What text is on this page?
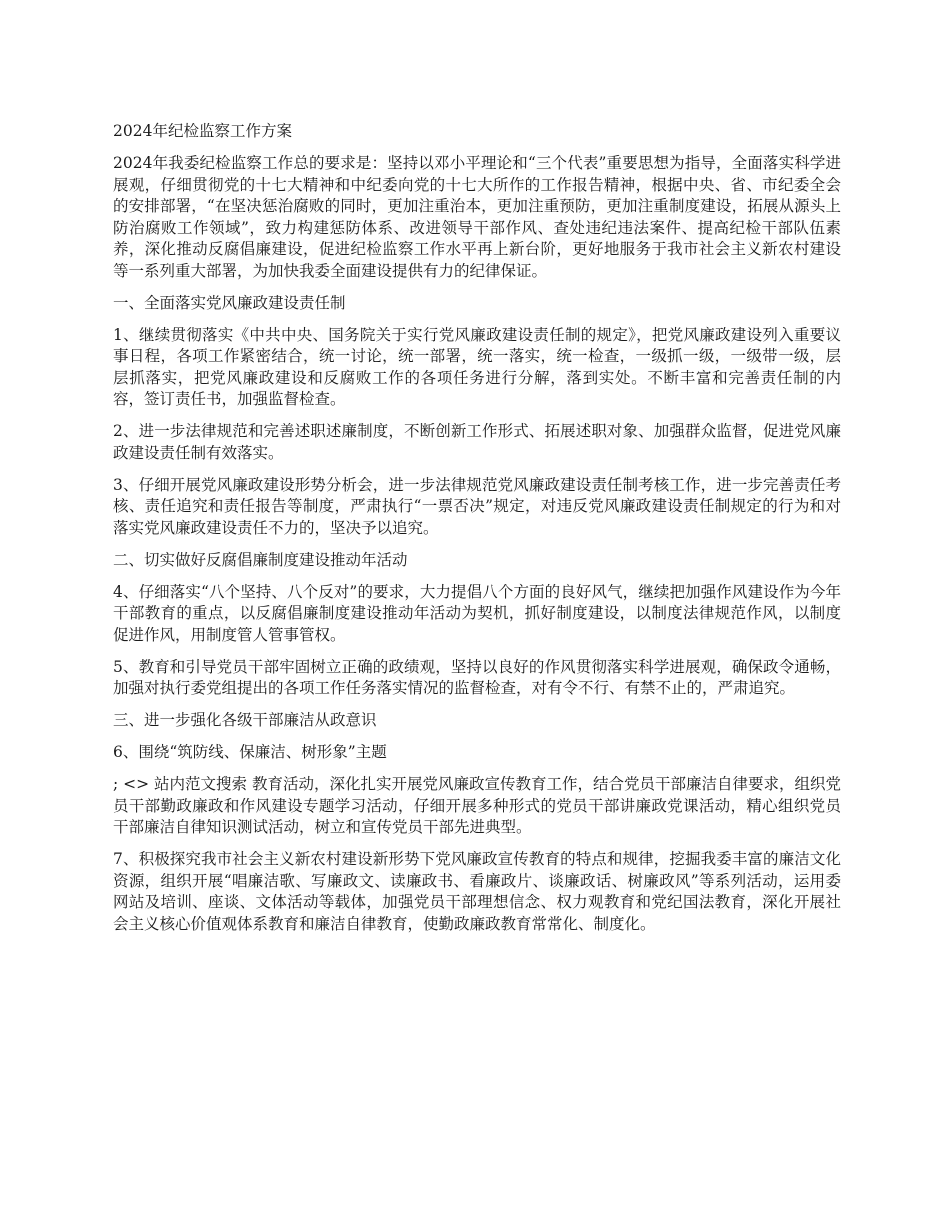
2024年纪检监察工作方案

2024年我委纪检监察工作总的要求是：坚持以邓小平理论和“三个代表”重要思想为指导，全面落实科学进展观，仔细贯彻党的十七大精神和中纪委向党的十七大所作的工作报告精神，根据中央、省、市纪委全会的安排部署，“在坚决惩治腐败的同时，更加注重治本，更加注重预防，更加注重制度建设，拓展从源头上防治腐败工作领域”，致力构建惩防体系、改进领导干部作风、查处违纪违法案件、提高纪检干部队伍素养，深化推动反腐倡廉建设，促进纪检监察工作水平再上新台阶，更好地服务于我市社会主义新农村建设等一系列重大部署，为加快我委全面建设提供有力的纪律保证。

一、全面落实党风廉政建设责任制

1、继续贯彻落实《中共中央、国务院关于实行党风廉政建设责任制的规定》，把党风廉政建设列入重要议事日程，各项工作紧密结合，统一讨论，统一部署，统一落实，统一检查，一级抓一级，一级带一级，层层抓落实，把党风廉政建设和反腐败工作的各项任务进行分解，落到实处。不断丰富和完善责任制的内容，签订责任书，加强监督检查。

2、进一步法律规范和完善述职述廉制度，不断创新工作形式、拓展述职对象、加强群众监督，促进党风廉政建设责任制有效落实。

3、仔细开展党风廉政建设形势分析会，进一步法律规范党风廉政建设责任制考核工作，进一步完善责任考核、责任追究和责任报告等制度，严肃执行“一票否决”规定，对违反党风廉政建设责任制规定的行为和对落实党风廉政建设责任不力的，坚决予以追究。

二、切实做好反腐倡廉制度建设推动年活动

4、仔细落实“八个坚持、八个反对”的要求，大力提倡八个方面的良好风气，继续把加强作风建设作为今年干部教育的重点，以反腐倡廉制度建设推动年活动为契机，抓好制度建设，以制度法律规范作风，以制度促进作风，用制度管人管事管权。

5、教育和引导党员干部牢固树立正确的政绩观，坚持以良好的作风贯彻落实科学进展观，确保政令通畅，加强对执行委党组提出的各项工作任务落实情况的监督检查，对有令不行、有禁不止的，严肃追究。

三、进一步强化各级干部廉洁从政意识

6、围绕“筑防线、保廉洁、树形象”主题

; <> 站内范文搜索 教育活动，深化扎实开展党风廉政宣传教育工作，结合党员干部廉洁自律要求，组织党员干部勤政廉政和作风建设专题学习活动，仔细开展多种形式的党员干部讲廉政党课活动，精心组织党员干部廉洁自律知识测试活动，树立和宣传党员干部先进典型。

7、积极探究我市社会主义新农村建设新形势下党风廉政宣传教育的特点和规律，挖掘我委丰富的廉洁文化资源，组织开展“唱廉洁歌、写廉政文、读廉政书、看廉政片、谈廉政话、树廉政风”等系列活动，运用委网站及培训、座谈、文体活动等载体，加强党员干部理想信念、权力观教育和党纪国法教育，深化开展社会主义核心价值观体系教育和廉洁自律教育，使勤政廉政教育常常化、制度化。
